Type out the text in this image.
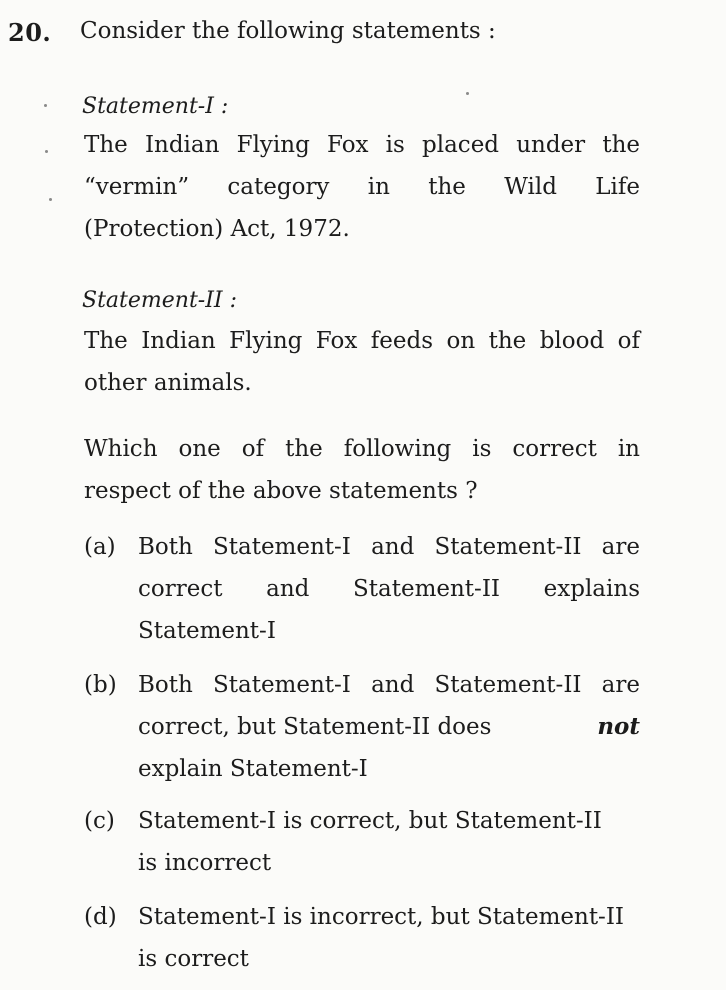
20. Consider the following statements :
Statement-I :
The Indian Flying Fox is placed under the
“vermin” category in the Wild Life
(Protection) Act, 1972.
Statement-II :
The Indian Flying Fox feeds on the blood of
other animals.
Which one of the following is correct in
respect of the above statements ?
(a) Both Statement-I and Statement-II are
correct and Statement-II explains
Statement-I
(b) Both Statement-I and Statement-II are
correct, but Statement-II does	not
explain Statement-I
(c) Statement-I is correct, but Statement-II
is incorrect
(d) Statement-I is incorrect, but Statement-II
is correct
